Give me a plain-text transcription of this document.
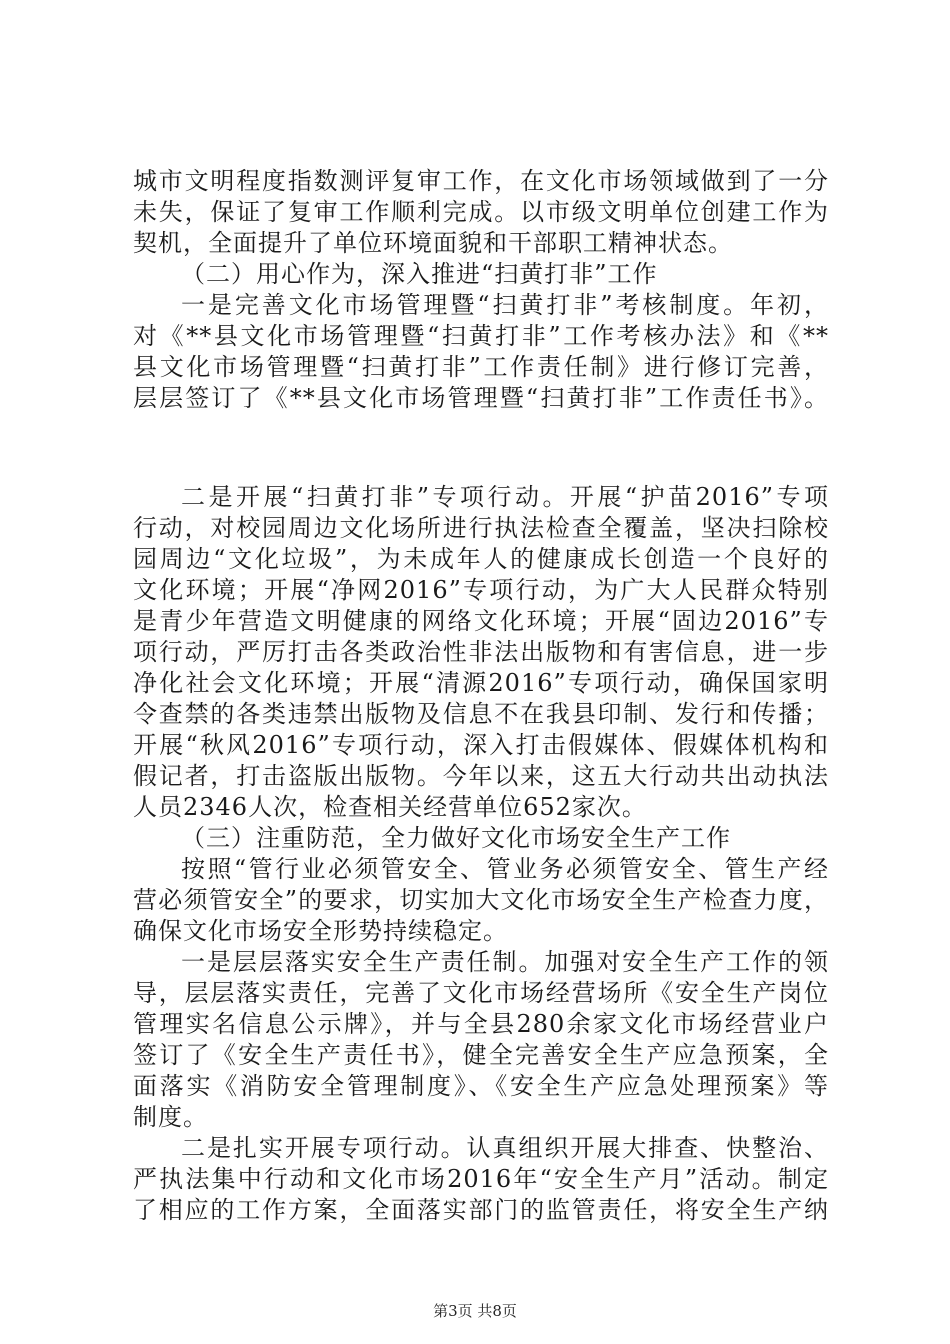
城市文明程度指数测评复审工作，在文化市场领域做到了一分
未失，保证了复审工作顺利完成。以市级文明单位创建工作为
契机，全面提升了单位环境面貌和干部职工精神状态。
（二）用心作为，深入推进“扫黄打非”工作
一是完善文化市场管理暨“扫黄打非”考核制度。年初，
对《**县文化市场管理暨“扫黄打非”工作考核办法》和《**
县文化市场管理暨“扫黄打非”工作责任制》进行修订完善，
层层签订了《**县文化市场管理暨“扫黄打非”工作责任书》。
二是开展“扫黄打非”专项行动。开展“护苗2016”专项
行动，对校园周边文化场所进行执法检查全覆盖，坚决扫除校
园周边“文化垃圾”，为未成年人的健康成长创造一个良好的
文化环境；开展“净网2016”专项行动，为广大人民群众特别
是青少年营造文明健康的网络文化环境；开展“固边2016”专
项行动，严厉打击各类政治性非法出版物和有害信息，进一步
净化社会文化环境；开展“清源2016”专项行动，确保国家明
令查禁的各类违禁出版物及信息不在我县印制、发行和传播；
开展“秋风2016”专项行动，深入打击假媒体、假媒体机构和
假记者，打击盗版出版物。今年以来，这五大行动共出动执法
人员2346人次，检查相关经营单位652家次。
（三）注重防范，全力做好文化市场安全生产工作
按照“管行业必须管安全、管业务必须管安全、管生产经
营必须管安全”的要求，切实加大文化市场安全生产检查力度，
确保文化市场安全形势持续稳定。
一是层层落实安全生产责任制。加强对安全生产工作的领
导，层层落实责任，完善了文化市场经营场所《安全生产岗位
管理实名信息公示牌》，并与全县280余家文化市场经营业户
签订了《安全生产责任书》，健全完善安全生产应急预案，全
面落实《消防安全管理制度》、《安全生产应急处理预案》等
制度。
二是扎实开展专项行动。认真组织开展大排查、快整治、
严执法集中行动和文化市场2016年“安全生产月”活动。制定
了相应的工作方案，全面落实部门的监管责任，将安全生产纳
第3页 共8页
